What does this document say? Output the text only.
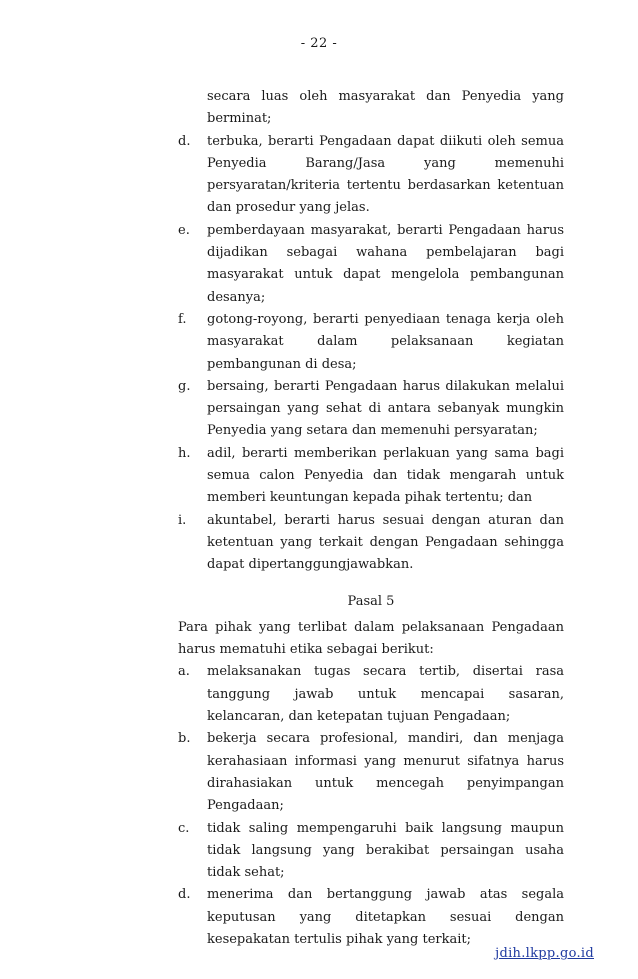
- 22 -
secara luas oleh masyarakat dan Penyedia yang berminat;
d.	terbuka, berarti Pengadaan dapat diikuti oleh semua Penyedia Barang/Jasa yang memenuhi persyaratan/kriteria tertentu berdasarkan ketentuan dan prosedur yang jelas.
e.	pemberdayaan masyarakat, berarti Pengadaan harus dijadikan sebagai wahana pembelajaran bagi masyarakat untuk dapat mengelola pembangunan desanya;
f.	gotong-royong, berarti penyediaan tenaga kerja oleh masyarakat dalam pelaksanaan kegiatan pembangunan di desa;
g.	bersaing, berarti Pengadaan harus dilakukan melalui persaingan yang sehat di antara sebanyak mungkin Penyedia yang setara dan memenuhi persyaratan;
h.	adil, berarti memberikan perlakuan yang sama bagi semua calon Penyedia dan tidak mengarah untuk memberi keuntungan kepada pihak tertentu; dan
i.	akuntabel, berarti harus sesuai dengan aturan dan ketentuan yang terkait dengan Pengadaan sehingga dapat dipertanggungjawabkan.
Pasal 5
Para pihak yang terlibat dalam pelaksanaan Pengadaan harus mematuhi etika sebagai berikut:
a.	melaksanakan tugas secara tertib, disertai rasa tanggung jawab untuk mencapai sasaran, kelancaran, dan ketepatan tujuan Pengadaan;
b.	bekerja secara profesional, mandiri, dan menjaga kerahasiaan informasi yang menurut sifatnya harus dirahasiakan untuk mencegah penyimpangan Pengadaan;
c.	tidak saling mempengaruhi baik langsung maupun tidak langsung yang berakibat persaingan usaha tidak sehat;
d.	menerima dan bertanggung jawab atas segala keputusan yang ditetapkan sesuai dengan kesepakatan tertulis pihak yang terkait;
jdih.lkpp.go.id
